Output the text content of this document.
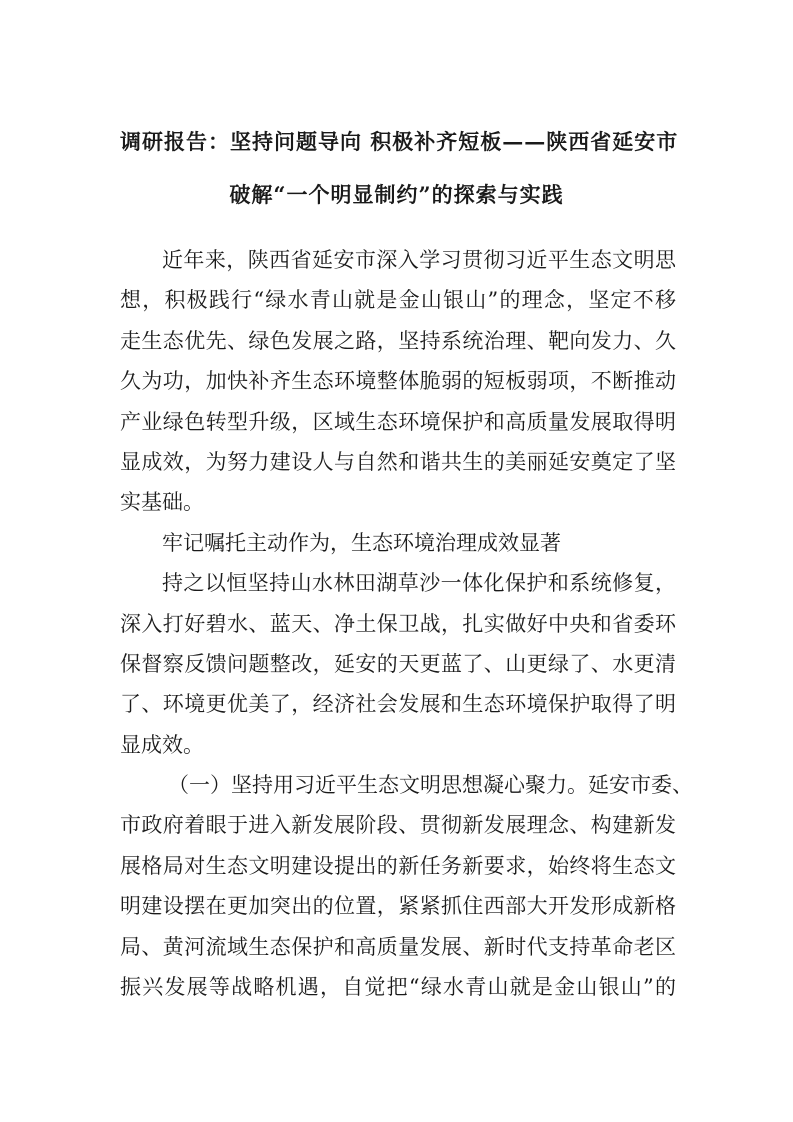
调研报告：坚持问题导向 积极补齐短板——陕西省延安市
破解“一个明显制约”的探索与实践
近年来，陕西省延安市深入学习贯彻习近平生态文明思
想，积极践行“绿水青山就是金山银山”的理念，坚定不移
走生态优先、绿色发展之路，坚持系统治理、靶向发力、久
久为功，加快补齐生态环境整体脆弱的短板弱项，不断推动
产业绿色转型升级，区域生态环境保护和高质量发展取得明
显成效，为努力建设人与自然和谐共生的美丽延安奠定了坚
实基础。
牢记嘱托主动作为，生态环境治理成效显著
持之以恒坚持山水林田湖草沙一体化保护和系统修复，
深入打好碧水、蓝天、净土保卫战，扎实做好中央和省委环
保督察反馈问题整改，延安的天更蓝了、山更绿了、水更清
了、环境更优美了，经济社会发展和生态环境保护取得了明
显成效。
（一）坚持用习近平生态文明思想凝心聚力。延安市委、
市政府着眼于进入新发展阶段、贯彻新发展理念、构建新发
展格局对生态文明建设提出的新任务新要求，始终将生态文
明建设摆在更加突出的位置，紧紧抓住西部大开发形成新格
局、黄河流域生态保护和高质量发展、新时代支持革命老区
振兴发展等战略机遇，自觉把“绿水青山就是金山银山”的
